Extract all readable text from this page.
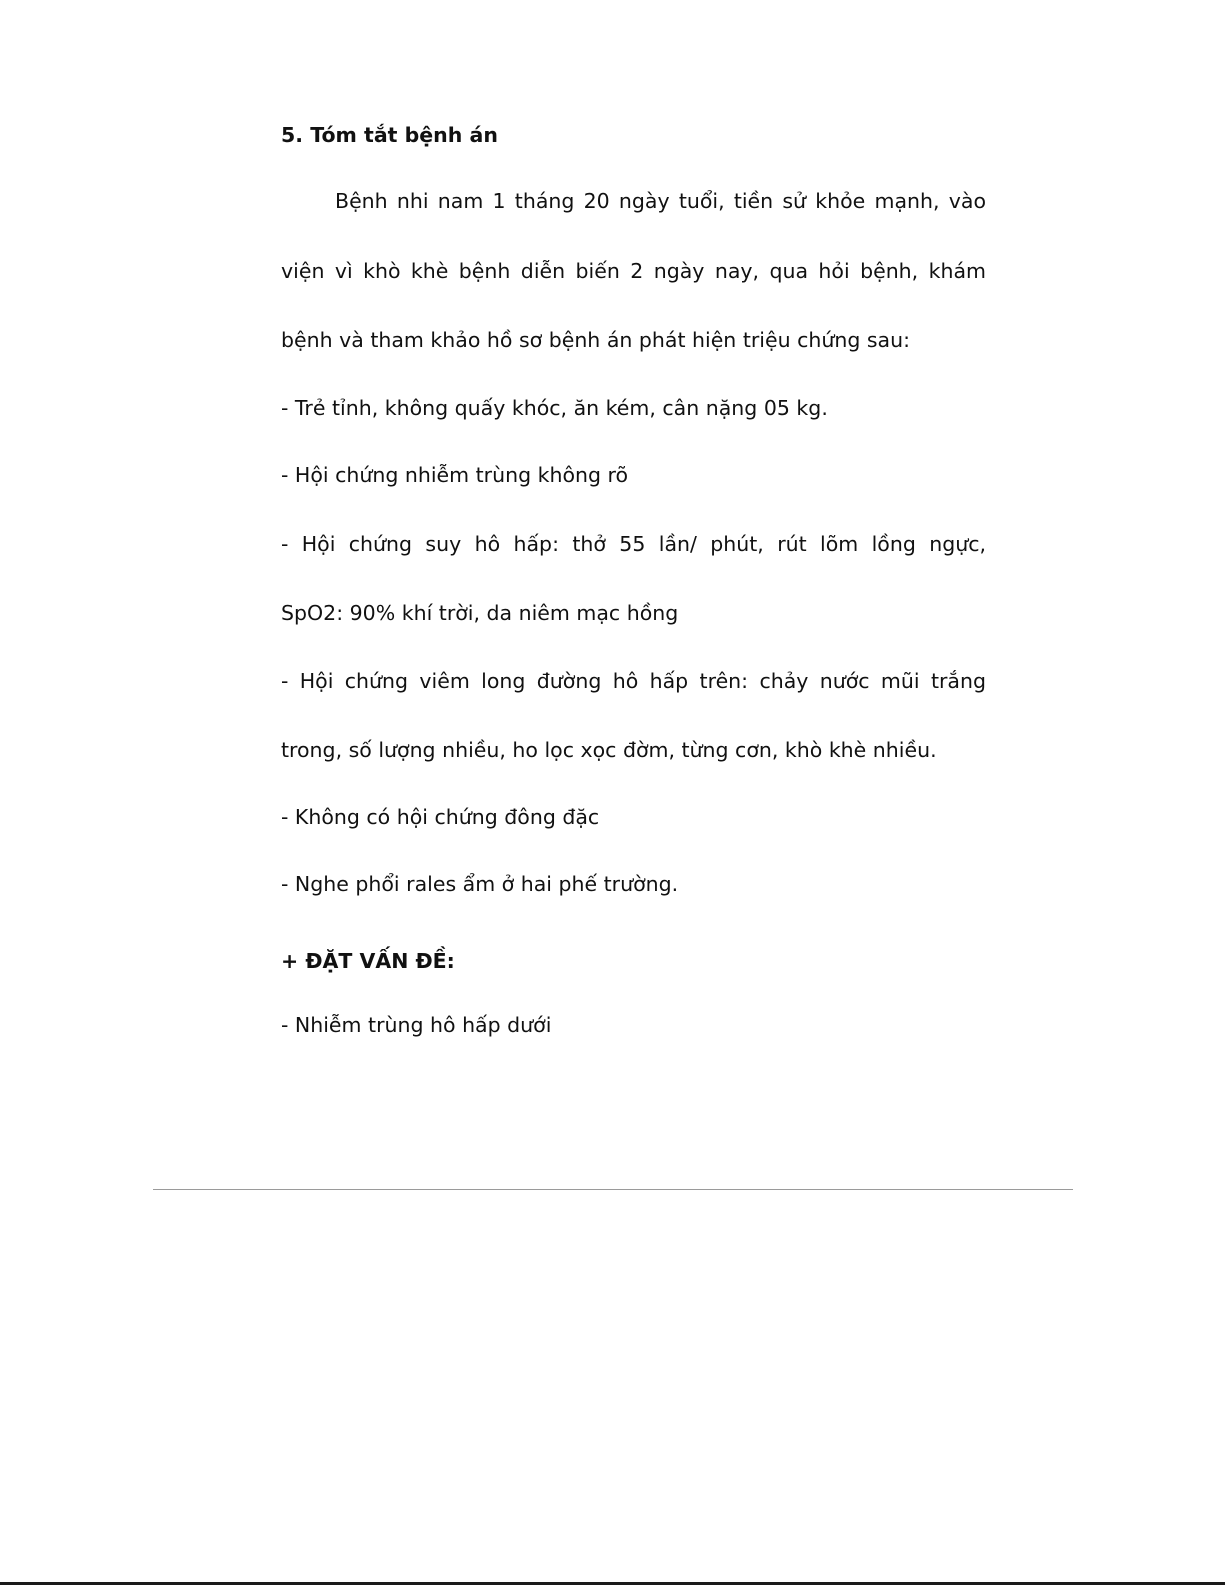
5. Tóm tắt bệnh án
Bệnh nhi nam 1 tháng 20 ngày tuổi, tiền sử khỏe mạnh, vào
viện vì khò khè bệnh diễn biến 2 ngày nay, qua hỏi bệnh, khám
bệnh và tham khảo hồ sơ bệnh án phát hiện triệu chứng sau:
- Trẻ tỉnh, không quấy khóc, ăn kém, cân nặng 05 kg.
- Hội chứng nhiễm trùng không rõ
- Hội chứng suy hô hấp: thở 55 lần/ phút, rút lõm lồng ngực,
SpO2: 90% khí trời, da niêm mạc hồng
- Hội chứng viêm long đường hô hấp trên: chảy nước mũi trắng
trong, số lượng nhiều, ho lọc xọc đờm, từng cơn, khò khè nhiều.
- Không có hội chứng đông đặc
- Nghe phổi rales ẩm ở hai phế trường.
+ ĐẶT VẤN ĐỀ:
- Nhiễm trùng hô hấp dưới
